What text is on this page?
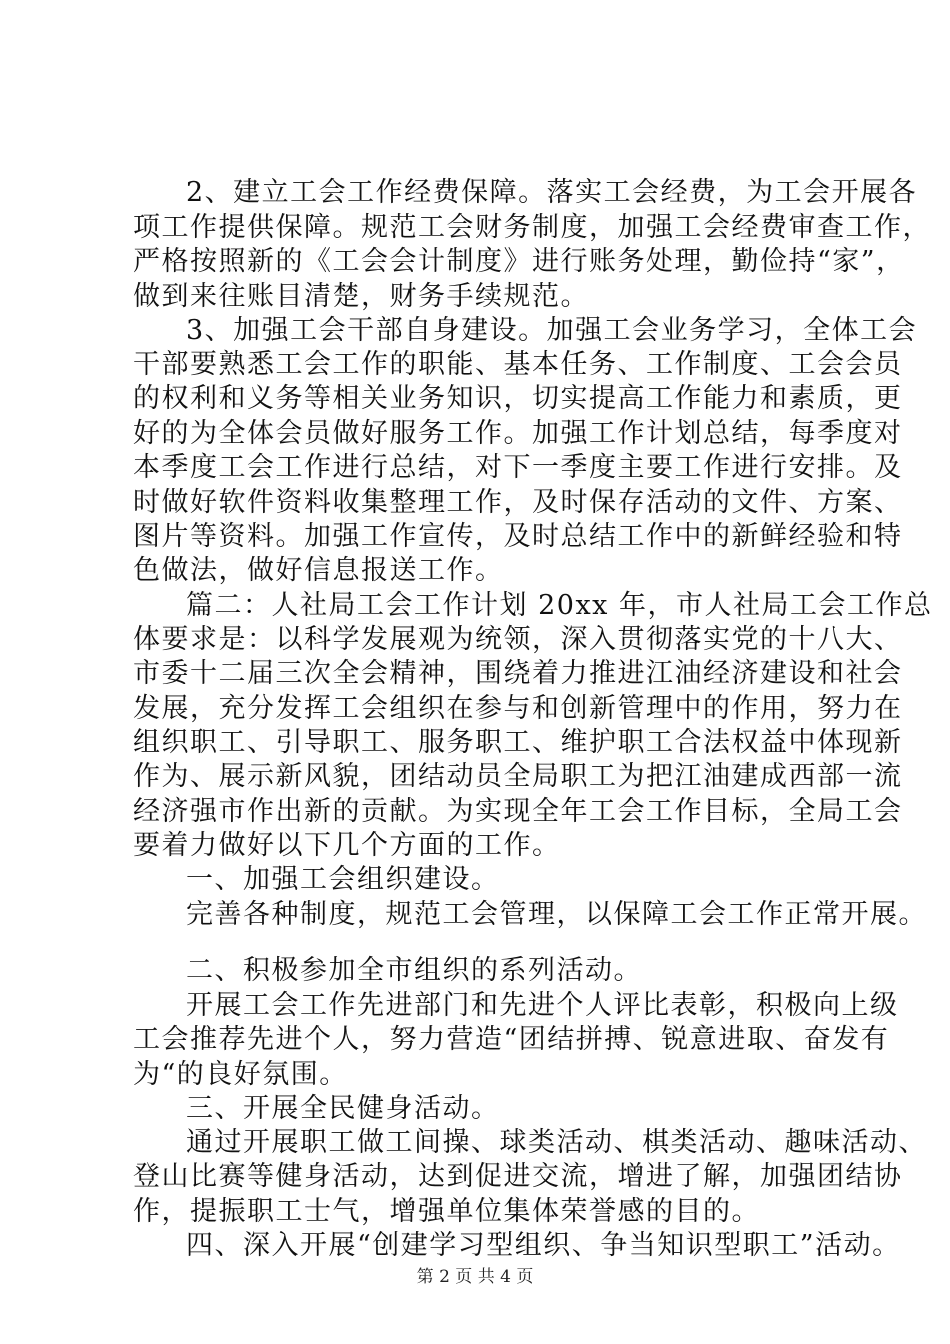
2、建立工会工作经费保障。落实工会经费，为工会开展各
项工作提供保障。规范工会财务制度，加强工会经费审查工作，
严格按照新的《工会会计制度》进行账务处理，勤俭持“家”，
做到来往账目清楚，财务手续规范。
3、加强工会干部自身建设。加强工会业务学习，全体工会
干部要熟悉工会工作的职能、基本任务、工作制度、工会会员
的权利和义务等相关业务知识，切实提高工作能力和素质，更
好的为全体会员做好服务工作。加强工作计划总结，每季度对
本季度工会工作进行总结，对下一季度主要工作进行安排。及
时做好软件资料收集整理工作，及时保存活动的文件、方案、
图片等资料。加强工作宣传，及时总结工作中的新鲜经验和特
色做法，做好信息报送工作。
篇二：人社局工会工作计划 20xx 年，市人社局工会工作总
体要求是：以科学发展观为统领，深入贯彻落实党的十八大、
市委十二届三次全会精神，围绕着力推进江油经济建设和社会
发展，充分发挥工会组织在参与和创新管理中的作用，努力在
组织职工、引导职工、服务职工、维护职工合法权益中体现新
作为、展示新风貌，团结动员全局职工为把江油建成西部一流
经济强市作出新的贡献。为实现全年工会工作目标，全局工会
要着力做好以下几个方面的工作。
一、加强工会组织建设。
完善各种制度，规范工会管理，以保障工会工作正常开展。
二、积极参加全市组织的系列活动。
开展工会工作先进部门和先进个人评比表彰，积极向上级
工会推荐先进个人，努力营造“团结拼搏、锐意进取、奋发有
为“的良好氛围。
三、开展全民健身活动。
通过开展职工做工间操、球类活动、棋类活动、趣味活动、
登山比赛等健身活动，达到促进交流，增进了解，加强团结协
作，提振职工士气，增强单位集体荣誉感的目的。
四、深入开展“创建学习型组织、争当知识型职工”活动。
第 2 页 共 4 页
